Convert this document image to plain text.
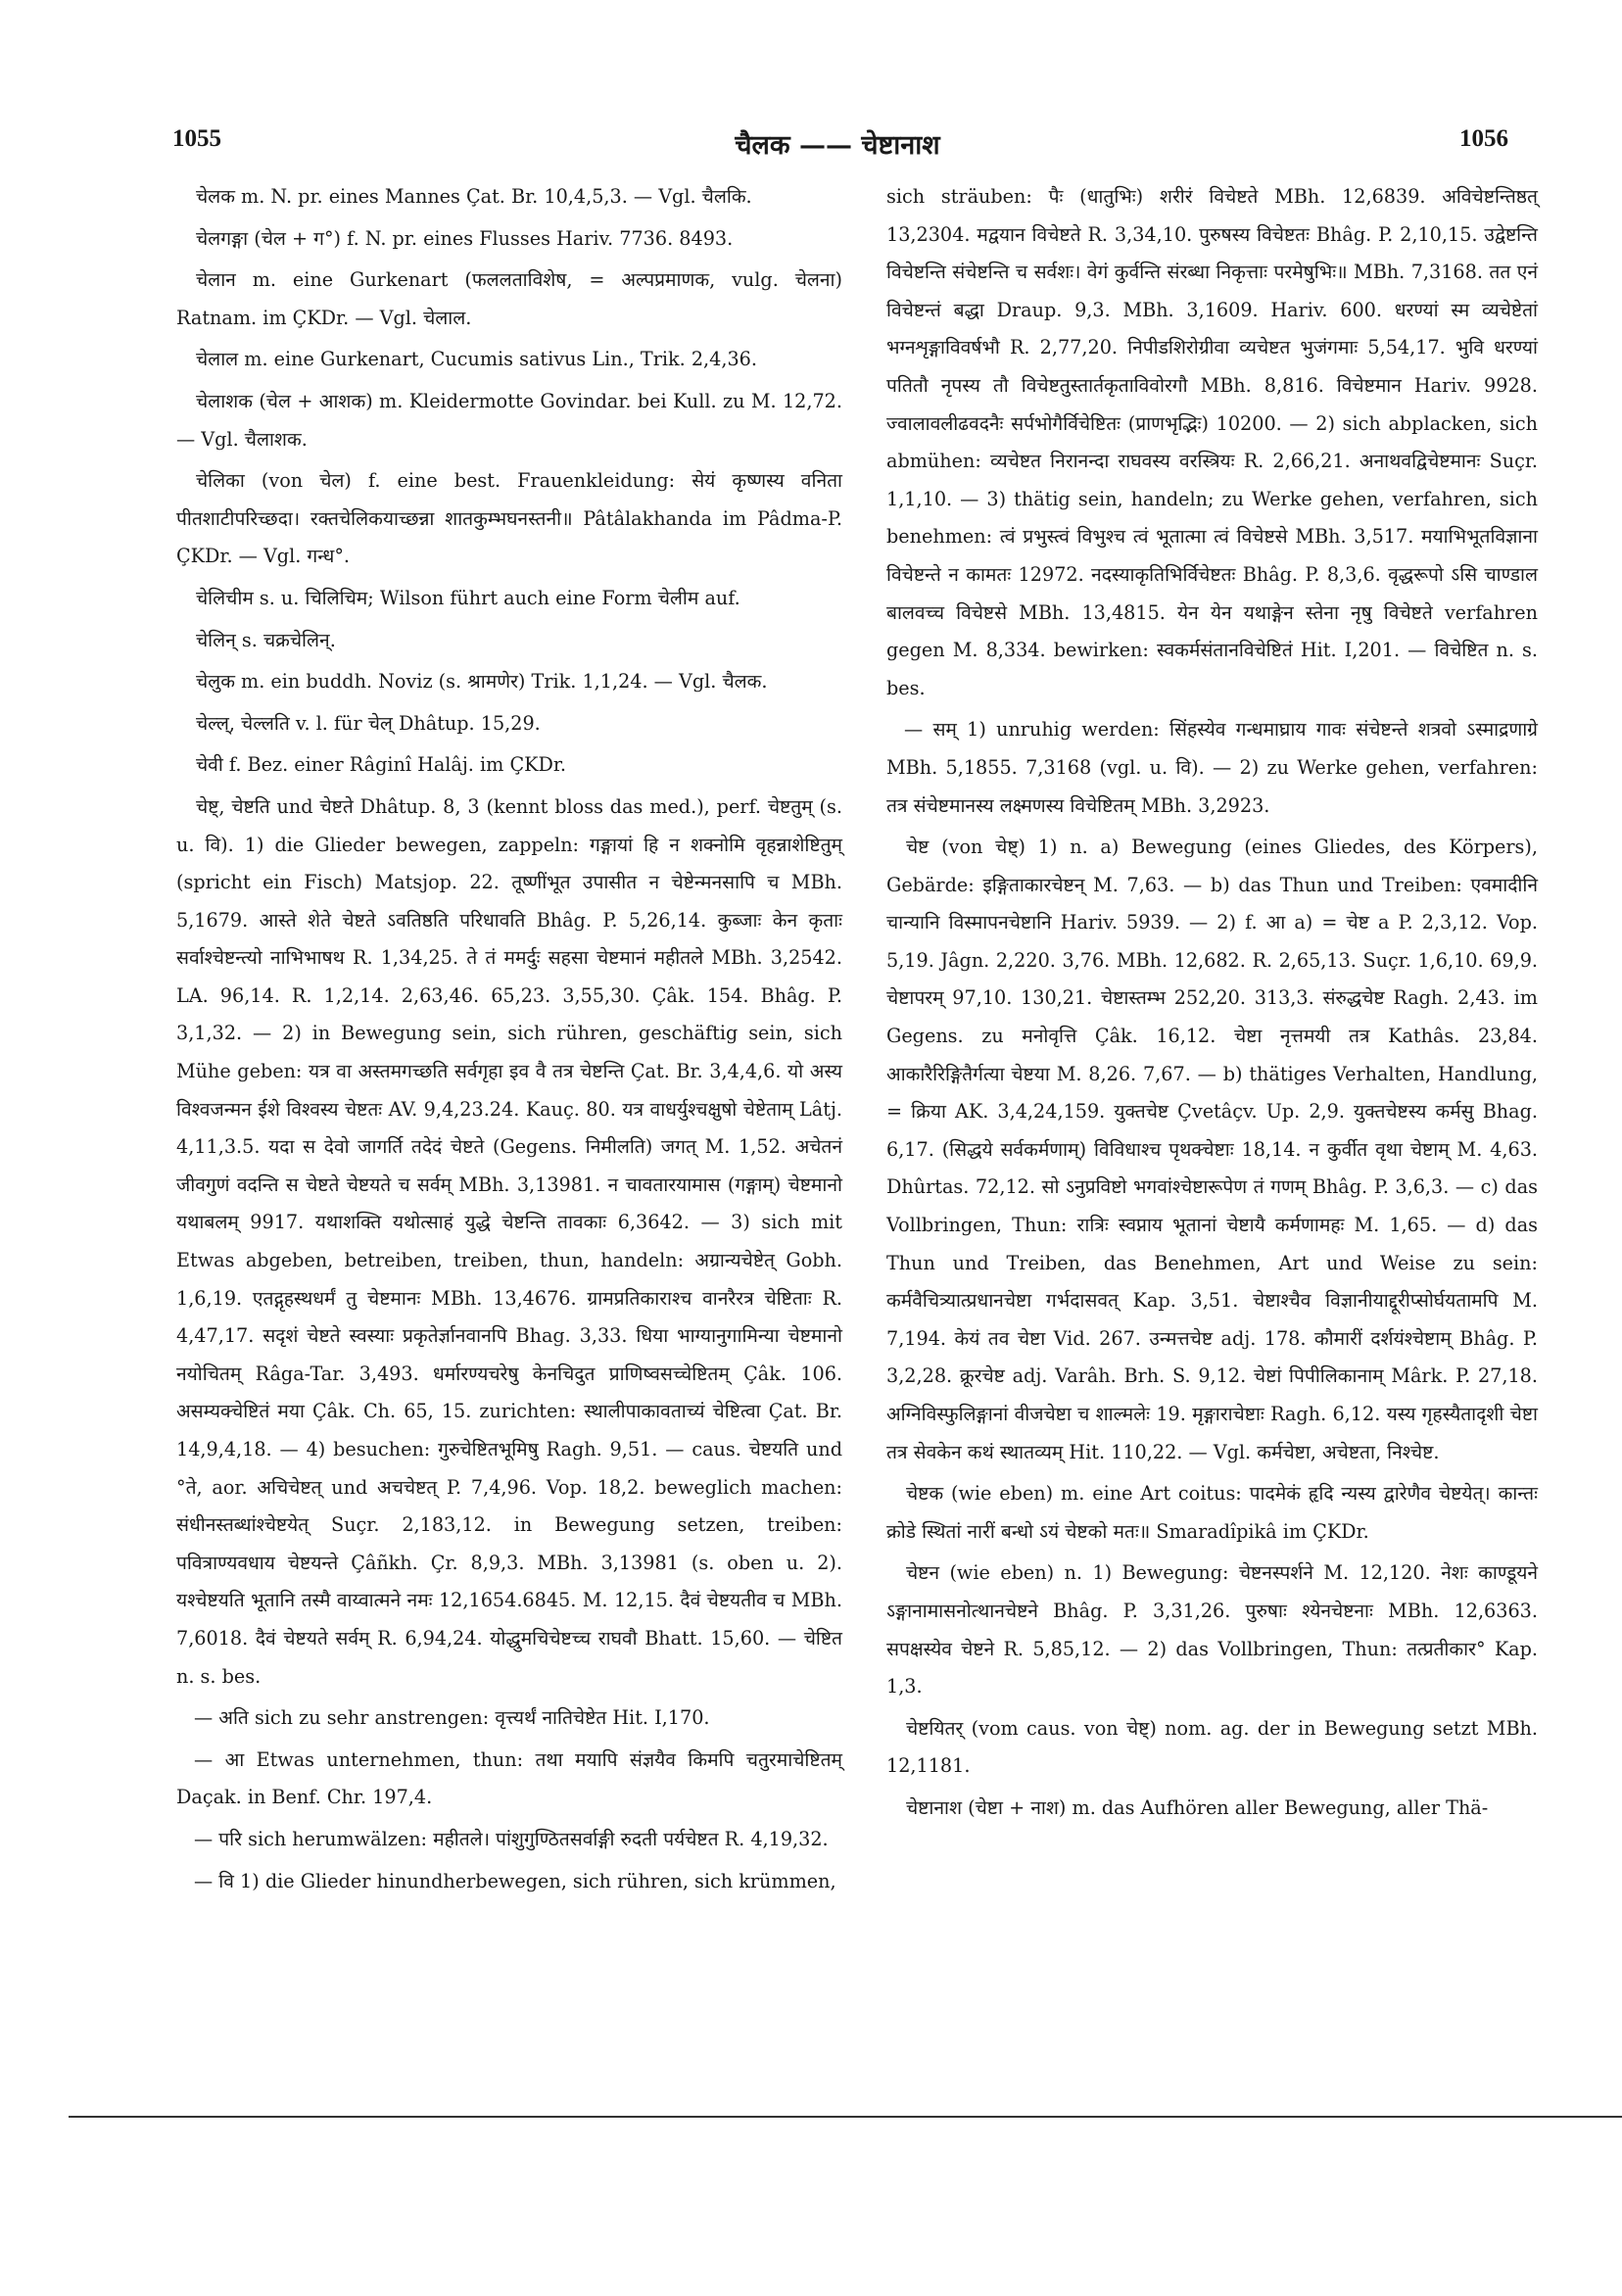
1055	चैलक —— चेष्टानाश	1056

चेलक m. N. pr. eines Mannes Çat. Br. 10,4,5,3. — Vgl. चैलकि.

चेलगङ्गा (चेल + ग°) f. N. pr. eines Flusses Hariv. 7736. 8493.

चेलान m. eine Gurkenart (फललताविशेष, = अल्पप्रमाणक, vulg. चेलना) Ratnam. im ÇKDr. — Vgl. चेलाल.

चेलाल m. eine Gurkenart, Cucumis sativus Lin., Trik. 2,4,36.

चेलाशक (चेल + आशक) m. Kleidermotte Govindar. bei Kull. zu M. 12,72. — Vgl. चैलाशक.

चेलिका (von चेल) f. eine best. Frauenkleidung: सेयं कृष्णस्य वनिता पीतशाटीपरिच्छदा। रक्तचेलिकयाच्छन्ना शातकुम्भघनस्तनी॥ Pâtâlakhanda im Pâdma-P. ÇKDr. — Vgl. गन्ध°.

चेलिचीम s. u. चिलिचिम; Wilson führt auch eine Form चेलीम auf.

चेलिन् s. चक्रचेलिन्.

चेलुक m. ein buddh. Noviz (s. श्रामणेर) Trik. 1,1,24. — Vgl. चैलक.

चेल्ल्, चेल्लति v. l. für चेल् Dhâtup. 15,29.

चेवी f. Bez. einer Râginî Halâj. im ÇKDr.

चेष्ट्, चेष्टति und चेष्टते Dhâtup. 8, 3 (kennt bloss das med.), perf. चेष्टतुम् (s. u. वि). 1) die Glieder bewegen, zappeln: गङ्गायां हि न शक्नोमि वृहन्नाशेष्टितुम् (spricht ein Fisch) Matsjop. 22. तूष्णींभूत उपासीत न चेष्टेन्मनसापि च MBh. 5,1679. आस्ते शेते चेष्टते ऽवतिष्ठति परिधावति Bhâg. P. 5,26,14. कुब्जाः केन कृताः सर्वाश्चेष्टन्त्यो नाभिभाषथ R. 1,34,25. ते तं ममर्दुः सहसा चेष्टमानं महीतले MBh. 3,2542. LA. 96,14. R. 1,2,14. 2,63,46. 65,23. 3,55,30. Çâk. 154. Bhâg. P. 3,1,32. — 2) in Bewegung sein, sich rühren, geschäftig sein, sich Mühe geben: यत्र वा अस्तमगच्छति सर्वगृहा इव वै तत्र चेष्टन्ति Çat. Br. 3,4,4,6. यो अस्य विश्वजन्मन ईशे विश्वस्य चेष्टतः AV. 9,4,23.24. Kauç. 80. यत्र वाधर्युश्चक्षुषो चेष्टेताम् Lâtj. 4,11,3.5. यदा स देवो जागर्ति तदेदं चेष्टते (Gegens. निमीलति) जगत् M. 1,52. अचेतनं जीवगुणं वदन्ति स चेष्टते चेष्टयते च सर्वम् MBh. 3,13981. न चावतारयामास (गङ्गाम्) चेष्टमानो यथाबलम् 9917. यथाशक्ति यथोत्साहं युद्धे चेष्टन्ति तावकाः 6,3642. — 3) sich mit Etwas abgeben, betreiben, treiben, thun, handeln: अग्रान्यचेष्टेत् Gobh. 1,6,19. एतद्गृहस्थधर्मं तु चेष्टमानः MBh. 13,4676. ग्रामप्रतिकाराश्च वानरैरत्र चेष्टिताः R. 4,47,17. सदृशं चेष्टते स्वस्याः प्रकृतेर्ज्ञानवानपि Bhag. 3,33. धिया भाग्यानुगामिन्या चेष्टमानो नयोचितम् Râga-Tar. 3,493. धर्मारण्यचरेषु केनचिदुत प्राणिष्वसच्चेष्टितम् Çâk. 106. असम्यक्चेष्टितं मया Çâk. Ch. 65, 15. zurichten: स्थालीपाकावताच्यं चेष्टित्वा Çat. Br. 14,9,4,18. — 4) besuchen: गुरुचेष्टितभूमिषु Ragh. 9,51. — caus. चेष्टयति und °ते, aor. अचिचेष्टत् und अचचेष्टत् P. 7,4,96. Vop. 18,2. beweglich machen: संधीनस्तब्धांश्चेष्टयेत् Suçr. 2,183,12. in Bewegung setzen, treiben: पवित्राण्यवधाय चेष्टयन्ते Çâñkh. Çr. 8,9,3. MBh. 3,13981 (s. oben u. 2). यश्चेष्टयति भूतानि तस्मै वाय्वात्मने नमः 12,1654.6845. M. 12,15. दैवं चेष्टयतीव च MBh. 7,6018. दैवं चेष्टयते सर्वम् R. 6,94,24. योद्धुमचिचेष्टच्च राघवौ Bhatt. 15,60. — चेष्टित n. s. bes.

— अति sich zu sehr anstrengen: वृत्त्यर्थं नातिचेष्टेत Hit. I,170.

— आ Etwas unternehmen, thun: तथा मयापि संज्ञयैव किमपि चतुरमाचेष्टितम् Daçak. in Benf. Chr. 197,4.

— परि sich herumwälzen: महीतले। पांशुगुण्ठितसर्वाङ्गी रुदती पर्यचेष्टत R. 4,19,32.

— वि 1) die Glieder hinundherbewegen, sich rühren, sich krümmen,

sich sträuben: पैः (धातुभिः) शरीरं विचेष्टते MBh. 12,6839. अविचेष्टन्तिष्ठत् 13,2304. मद्वयान विचेष्टते R. 3,34,10. पुरुषस्य विचेष्टतः Bhâg. P. 2,10,15. उद्वेष्टन्ति विचेष्टन्ति संचेष्टन्ति च सर्वशः। वेगं कुर्वन्ति संरब्धा निकृत्ताः परमेषुभिः॥ MBh. 7,3168. तत एनं विचेष्टन्तं बद्धा Draup. 9,3. MBh. 3,1609. Hariv. 600. धरण्यां स्म व्यचेष्टेतां भग्नशृङ्गाविवर्षभौ R. 2,77,20. निपीडशिरोग्रीवा व्यचेष्टत भुजंगमाः 5,54,17. भुवि धरण्यां पतितौ नृपस्य तौ विचेष्टतुस्तार्तकृताविवोरगौ MBh. 8,816. विचेष्टमान Hariv. 9928. ज्वालावलीढवदनैः सर्पभोगैर्विचेष्टितः (प्राणभृद्भिः) 10200. — 2) sich abplacken, sich abmühen: व्यचेष्टत निरानन्दा राघवस्य वरस्त्रियः R. 2,66,21. अनाथवद्विचेष्टमानः Suçr. 1,1,10. — 3) thätig sein, handeln; zu Werke gehen, verfahren, sich benehmen: त्वं प्रभुस्त्वं विभुश्च त्वं भूतात्मा त्वं विचेष्टसे MBh. 3,517. मयाभिभूतविज्ञाना विचेष्टन्ते न कामतः 12972. नदस्याकृतिभिर्विचेष्टतः Bhâg. P. 8,3,6. वृद्धरूपो ऽसि चाण्डाल बालवच्च विचेष्टसे MBh. 13,4815. येन येन यथाङ्गेन स्तेना नृषु विचेष्टते verfahren gegen M. 8,334. bewirken: स्वकर्मसंतानविचेष्टितं Hit. I,201. — विचेष्टित n. s. bes.

— सम् 1) unruhig werden: सिंहस्येव गन्धमाघ्राय गावः संचेष्टन्ते शत्रवो ऽस्माद्रणाग्रे MBh. 5,1855. 7,3168 (vgl. u. वि). — 2) zu Werke gehen, verfahren: तत्र संचेष्टमानस्य लक्ष्मणस्य विचेष्टितम् MBh. 3,2923.

चेष्ट (von चेष्ट्) 1) n. a) Bewegung (eines Gliedes, des Körpers), Gebärde: इङ्गिताकारचेष्टन् M. 7,63. — b) das Thun und Treiben: एवमादीनि चान्यानि विस्मापनचेष्टानि Hariv. 5939. — 2) f. आ a) = चेष्ट a P. 2,3,12. Vop. 5,19. Jâgn. 2,220. 3,76. MBh. 12,682. R. 2,65,13. Suçr. 1,6,10. 69,9. चेष्टापरम् 97,10. 130,21. चेष्टास्तम्भ 252,20. 313,3. संरुद्धचेष्ट Ragh. 2,43. im Gegens. zu मनोवृत्ति Çâk. 16,12. चेष्टा नृत्तमयी तत्र Kathâs. 23,84. आकारैरिङ्गितैर्गत्या चेष्टया M. 8,26. 7,67. — b) thätiges Verhalten, Handlung, = क्रिया AK. 3,4,24,159. युक्तचेष्ट Çvetâçv. Up. 2,9. युक्तचेष्टस्य कर्मसु Bhag. 6,17. (सिद्धये सर्वकर्मणाम्) विविधाश्च पृथक्चेष्टाः 18,14. न कुर्वीत वृथा चेष्टाम् M. 4,63. Dhûrtas. 72,12. सो ऽनुप्रविष्टो भगवांश्चेष्टारूपेण तं गणम् Bhâg. P. 3,6,3. — c) das Vollbringen, Thun: रात्रिः स्वप्नाय भूतानां चेष्टायै कर्मणामहः M. 1,65. — d) das Thun und Treiben, das Benehmen, Art und Weise zu sein: कर्मवैचित्र्यात्प्रधानचेष्टा गर्भदासवत् Kap. 3,51. चेष्टाश्चैव विज्ञानीयाद्दूरीप्सोर्घयतामपि M. 7,194. केयं तव चेष्टा Vid. 267. उन्मत्तचेष्ट adj. 178. कौमारीं दर्शयंश्चेष्टाम् Bhâg. P. 3,2,28. क्रूरचेष्ट adj. Varâh. Brh. S. 9,12. चेष्टां पिपीलिकानाम् Mârk. P. 27,18. अग्निविस्फुलिङ्गानां वीजचेष्टा च शाल्मलेः 19. मृङ्गाराचेष्टाः Ragh. 6,12. यस्य गृहस्यैतादृशी चेष्टा तत्र सेवकेन कथं स्थातव्यम् Hit. 110,22. — Vgl. कर्मचेष्टा, अचेष्टता, निश्चेष्ट.

चेष्टक (wie eben) m. eine Art coitus: पादमेकं हृदि न्यस्य द्वारेणैव चेष्टयेत्। कान्तः क्रोडे स्थितां नारीं बन्धो ऽयं चेष्टको मतः॥ Smaradîpikâ im ÇKDr.

चेष्टन (wie eben) n. 1) Bewegung: चेष्टनस्पर्शने M. 12,120. नेशः काण्डूयने ऽङ्गानामासनोत्थानचेष्टने Bhâg. P. 3,31,26. पुरुषाः श्येनचेष्टनाः MBh. 12,6363. सपक्षस्येव चेष्टने R. 5,85,12. — 2) das Vollbringen, Thun: तत्प्रतीकार° Kap. 1,3.

चेष्टयितर् (vom caus. von चेष्ट्) nom. ag. der in Bewegung setzt MBh. 12,1181.

चेष्टानाश (चेष्टा + नाश) m. das Aufhören aller Bewegung, aller Thä-
